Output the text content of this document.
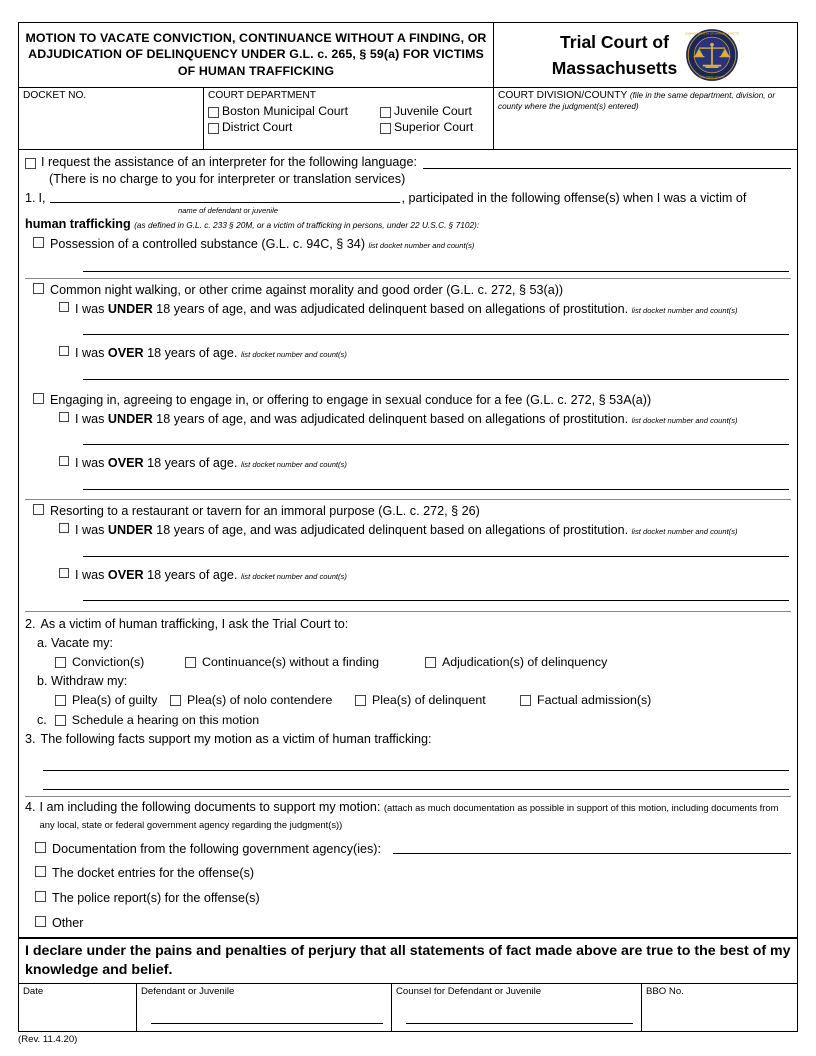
MOTION TO VACATE CONVICTION, CONTINUANCE WITHOUT A FINDING, OR ADJUDICATION OF DELINQUENCY UNDER G.L. c. 265, § 59(a) FOR VICTIMS OF HUMAN TRAFFICKING
Trial Court of
Massachusetts
COMMONWEALTH OF MASSACHUSETTS
THE TRIAL COURT
DOCKET NO.	COURT DEPARTMENT
Boston Municipal Court	Juvenile Court
District Court	Superior Court
COURT DIVISION/COUNTY (file in the same department, division, or county where the judgment(s) entered)
I request the assistance of an interpreter for the following language:
(There is no charge to you for interpreter or translation services)
1. I,	, participated in the following offense(s) when I was a victim of
name of defendant or juvenile
human trafficking (as defined in G.L. c. 233 § 20M, or a victim of trafficking in persons, under 22 U.S.C. § 7102):
Possession of a controlled substance (G.L. c. 94C, § 34) list docket number and count(s)
Common night walking, or other crime against morality and good order (G.L. c. 272, § 53(a))
I was UNDER 18 years of age, and was adjudicated delinquent based on allegations of prostitution. list docket number and count(s)
I was OVER 18 years of age. list docket number and count(s)
Engaging in, agreeing to engage in, or offering to engage in sexual conduce for a fee (G.L. c. 272, § 53A(a))
I was UNDER 18 years of age, and was adjudicated delinquent based on allegations of prostitution. list docket number and count(s)
I was OVER 18 years of age. list docket number and count(s)
Resorting to a restaurant or tavern for an immoral purpose (G.L. c. 272, § 26)
I was UNDER 18 years of age, and was adjudicated delinquent based on allegations of prostitution. list docket number and count(s)
I was OVER 18 years of age. list docket number and count(s)
2. As a victim of human trafficking, I ask the Trial Court to:
a. Vacate my:
Conviction(s)	Continuance(s) without a finding	Adjudication(s) of delinquency
b. Withdraw my:
Plea(s) of guilty Plea(s) of nolo contendere	Plea(s) of delinquent	Factual admission(s)
c. Schedule a hearing on this motion
3. The following facts support my motion as a victim of human trafficking:
4. I am including the following documents to support my motion: (attach as much documentation as possible in support of this motion, including documents from any local, state or federal government agency regarding the judgment(s))
Documentation from the following government agency(ies):
The docket entries for the offense(s)
The police report(s) for the offense(s)
Other
I declare under the pains and penalties of perjury that all statements of fact made above are true to the best of my knowledge and belief.
Date	Defendant or Juvenile	Counsel for Defendant or Juvenile	BBO No.
(Rev. 11.4.20)
